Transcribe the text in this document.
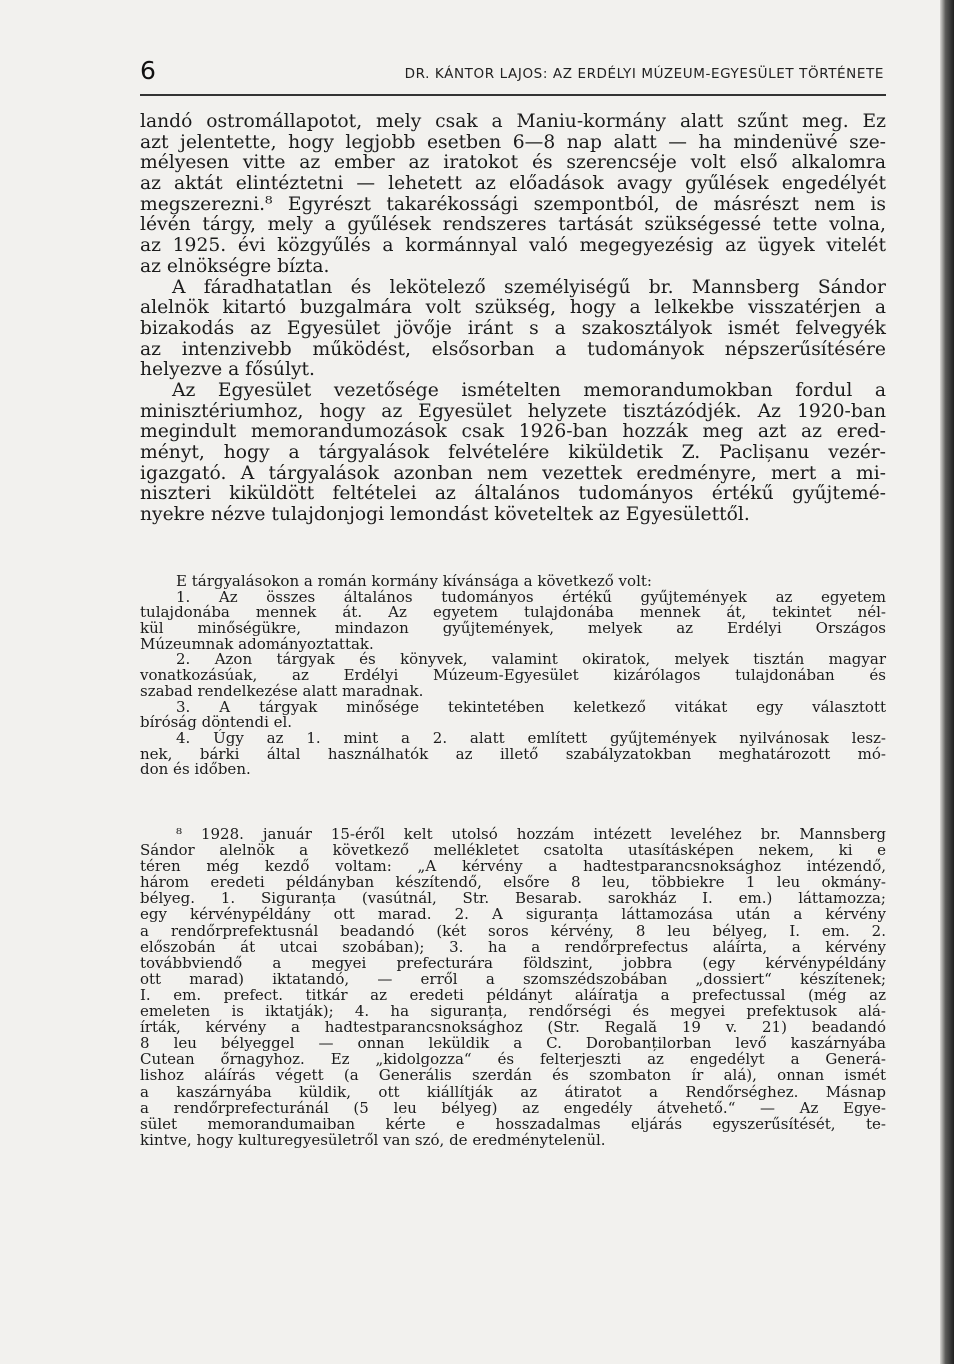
6	DR. KÁNTOR LAJOS: AZ ERDÉLYI MÚZEUM-EGYESÜLET TÖRTÉNETE
landó ostromállapotot, mely csak a Maniu-kormány alatt szűnt meg. Ez
azt jelentette, hogy legjobb esetben 6—8 nap alatt — ha mindenüvé sze-
mélyesen vitte az ember az iratokot és szerencséje volt első alkalomra
az aktát elintéztetni — lehetett az előadások avagy gyűlések engedélyét
megszerezni.⁸ Egyrészt takarékossági szempontból, de másrészt nem is
lévén tárgy, mely a gyűlések rendszeres tartását szükségessé tette volna,
az 1925. évi közgyűlés a kormánnyal való megegyezésig az ügyek vitelét
az elnökségre bízta.
A fáradhatatlan és lekötelező személyiségű br. Mannsberg Sándor
alelnök kitartó buzgalmára volt szükség, hogy a lelkekbe visszatérjen a
bizakodás az Egyesület jövője iránt s a szakosztályok ismét felvegyék
az intenzivebb működést, elsősorban a tudományok népszerűsítésére
helyezve a fősúlyt.
Az Egyesület vezetősége ismételten memorandumokban fordul a
minisztériumhoz, hogy az Egyesület helyzete tisztázódjék. Az 1920-ban
megindult memorandumozások csak 1926-ban hozzák meg azt az ered-
ményt, hogy a tárgyalások felvételére kiküldetik Z. Paclișanu vezér-
igazgató. A tárgyalások azonban nem vezettek eredményre, mert a mi-
niszteri kiküldött feltételei az általános tudományos értékű gyűjtemé-
nyekre nézve tulajdonjogi lemondást követeltek az Egyesülettől.
E tárgyalásokon a román kormány kívánsága a következő volt:
1. Az összes általános tudományos értékű gyűjtemények az egyetem
tulajdonába mennek át. Az egyetem tulajdonába mennek át, tekintet nél-
kül minőségükre, mindazon gyűjtemények, melyek az Erdélyi Országos
Múzeumnak adományoztattak.
2. Azon tárgyak és könyvek, valamint okiratok, melyek tisztán magyar
vonatkozásúak, az Erdélyi Múzeum-Egyesület kizárólagos tulajdonában és
szabad rendelkezése alatt maradnak.
3. A tárgyak minősége tekintetében keletkező vitákat egy választott
bíróság döntendi el.
4. Úgy az 1. mint a 2. alatt említett gyűjtemények nyilvánosak lesz-
nek, bárki által használhatók az illető szabályzatokban meghatározott mó-
don és időben.
⁸ 1928. január 15-éről kelt utolsó hozzám intézett leveléhez br. Mannsberg
Sándor alelnök a következő mellékletet csatolta utasításképen nekem, ki e
téren még kezdő voltam: „A kérvény a hadtestparancsnoksághoz intézendő,
három eredeti példányban készítendő, elsőre 8 leu, többiekre 1 leu okmány-
bélyeg. 1. Siguranța (vasútnál, Str. Besarab. sarokház I. em.) láttamozza;
egy kérvénypéldány ott marad. 2. A siguranța láttamozása után a kérvény
a rendőrprefektusnál beadandó (két soros kérvény, 8 leu bélyeg, I. em. 2.
előszobán át utcai szobában); 3. ha a rendőrprefectus aláírta, a kérvény
továbbviendő a megyei prefecturára földszint, jobbra (egy kérvénypéldány
ott marad) iktatandó, — erről a szomszédszobában „dossiert“ készítenek;
I. em. prefect. titkár az eredeti példányt aláíratja a prefectussal (még az
emeleten is iktatják); 4. ha siguranța, rendőrségi és megyei prefektusok alá-
írták, kérvény a hadtestparancsnoksághoz (Str. Regală 19 v. 21) beadandó
8 leu bélyeggel — onnan leküldik a C. Dorobanțilorban levő kaszárnyába
Cutean őrnagyhoz. Ez „kidolgozza“ és felterjeszti az engedélyt a Generá-
lishoz aláírás végett (a Generális szerdán és szombaton ír alá), onnan ismét
a kaszárnyába küldik, ott kiállítják az átiratot a Rendőrséghez. Másnap
a rendőrprefecturánál (5 leu bélyeg) az engedély átvehető.“ — Az Egye-
sület memorandumaiban kérte e hosszadalmas eljárás egyszerűsítését, te-
kintve, hogy kulturegyesületről van szó, de eredménytelenül.
